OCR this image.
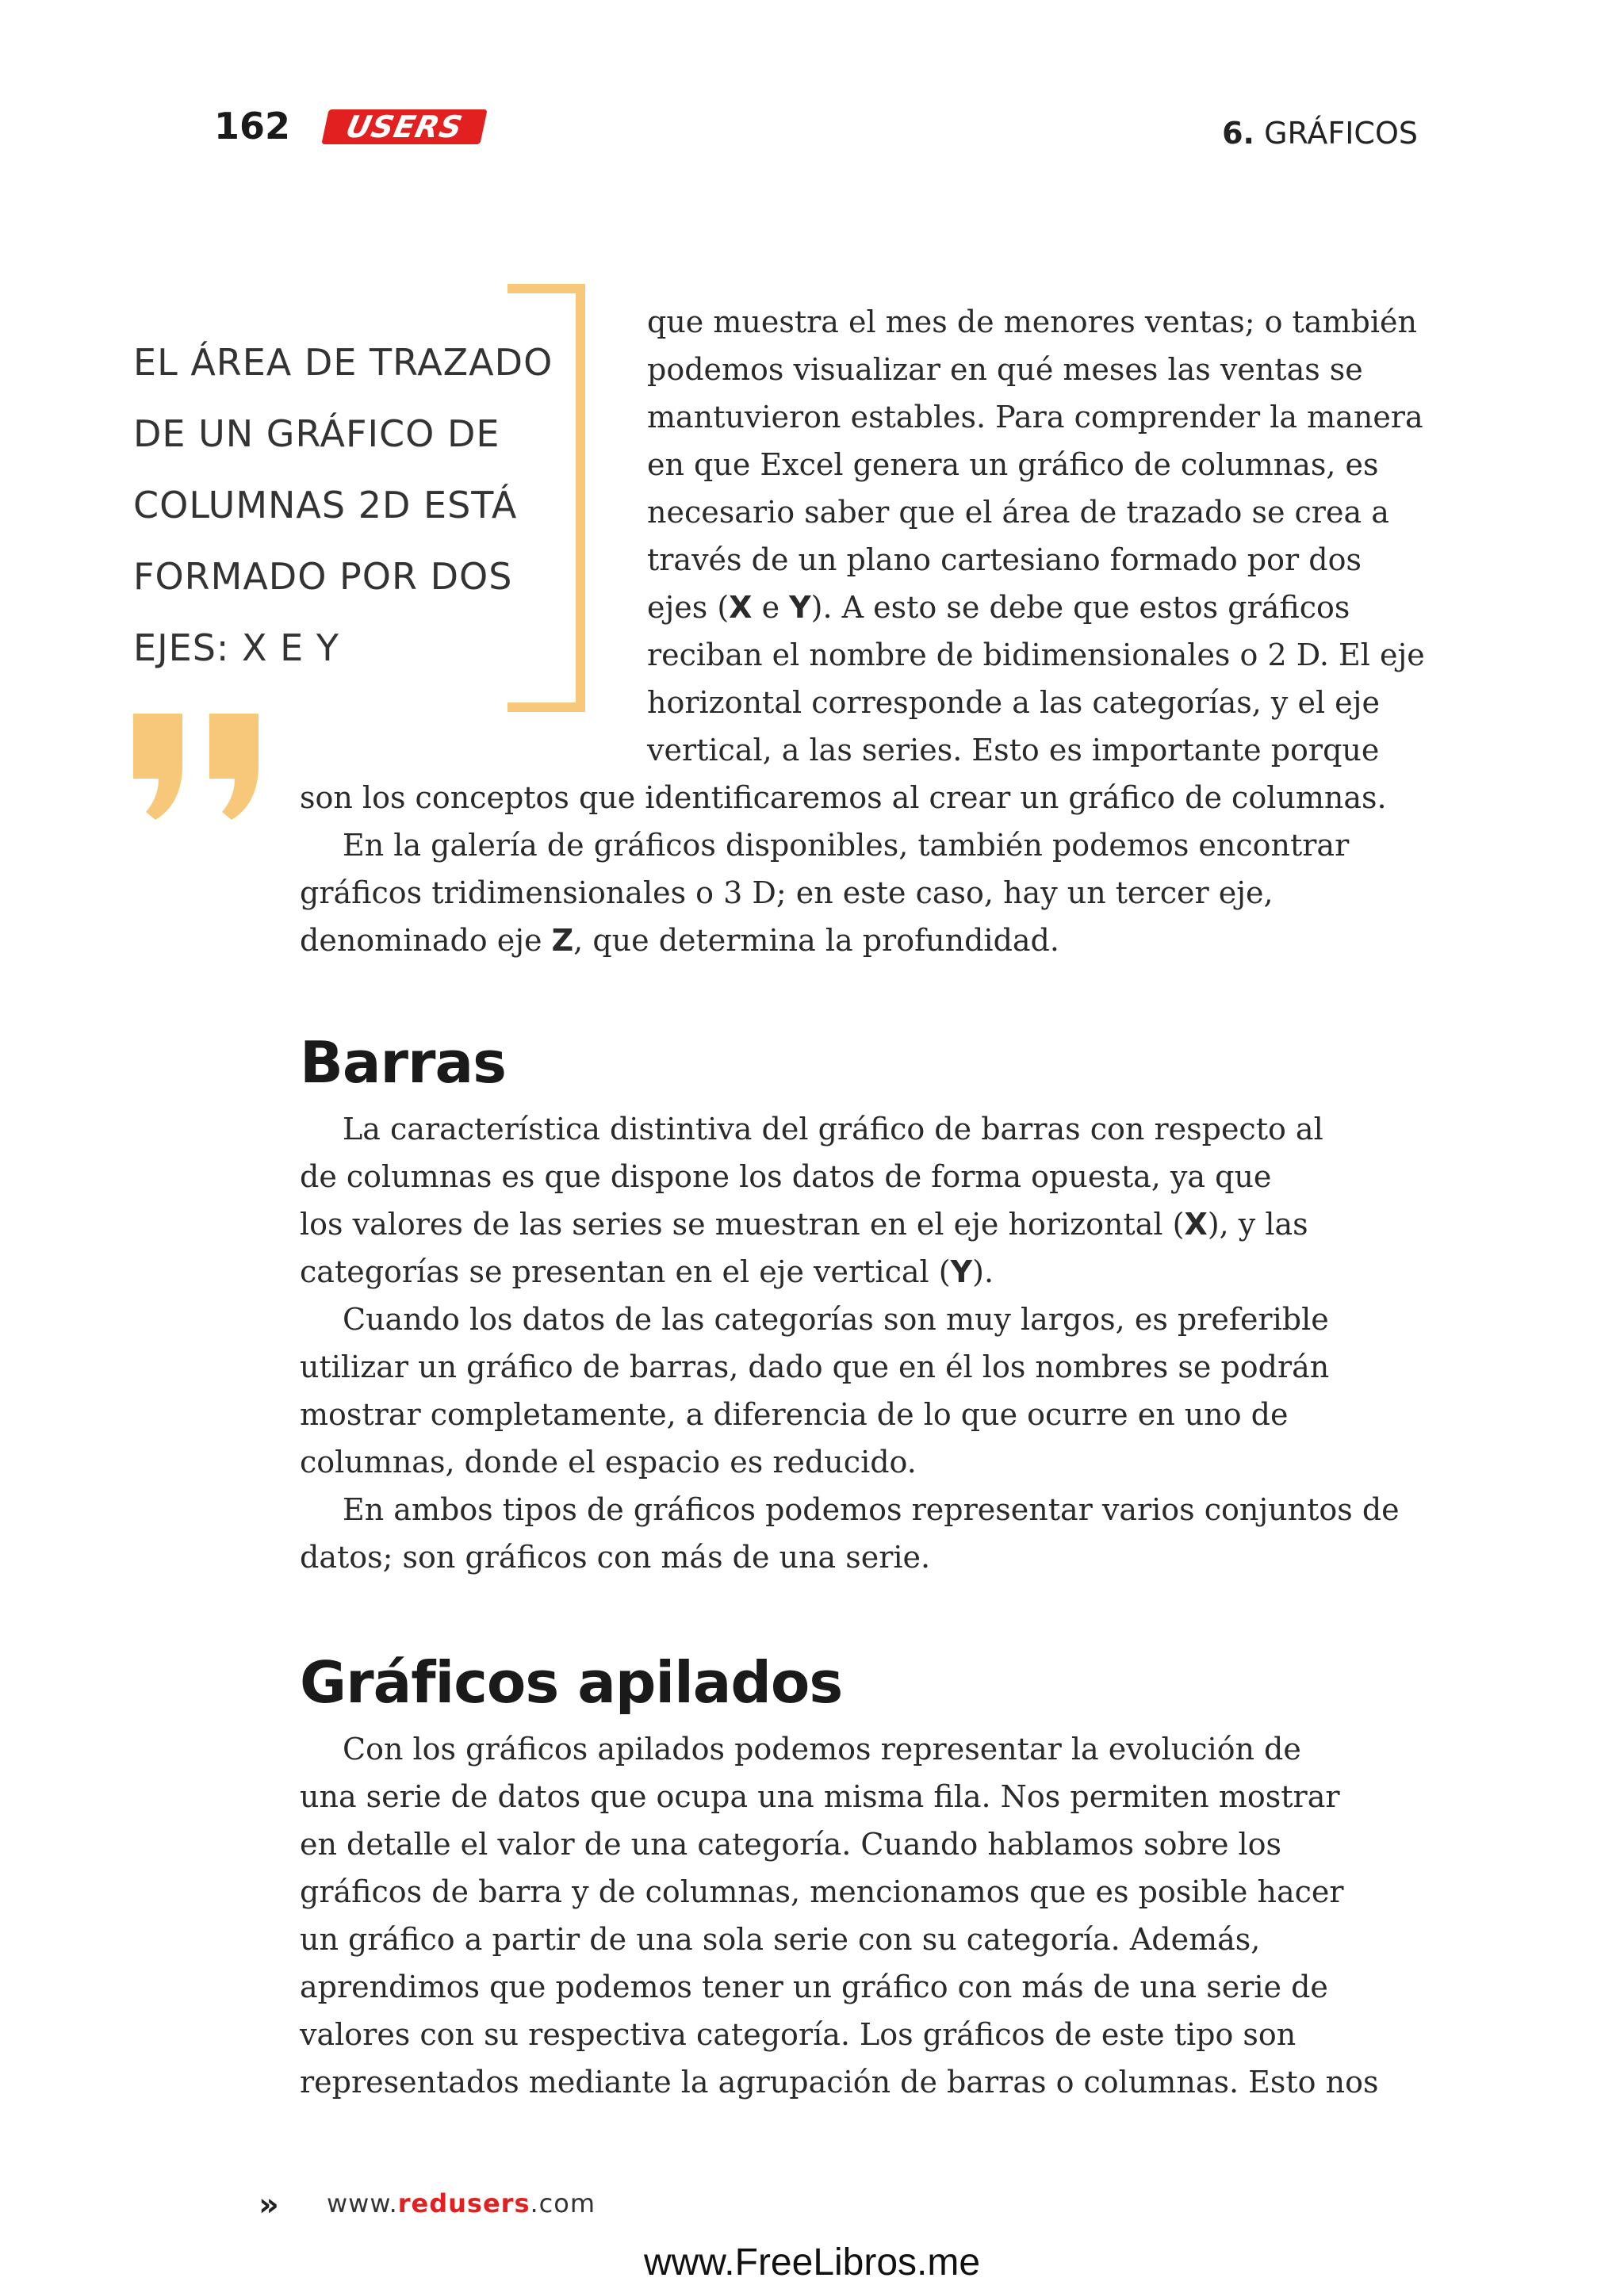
162 USERS	6. GRÁFICOS
EL ÁREA DE TRAZADO DE UN GRÁFICO DE COLUMNAS 2D ESTÁ FORMADO POR DOS EJES: X E Y
que muestra el mes de menores ventas; o también
podemos visualizar en qué meses las ventas se
mantuvieron estables. Para comprender la manera
en que Excel genera un gráfico de columnas, es
necesario saber que el área de trazado se crea a
través de un plano cartesiano formado por dos
ejes (X e Y). A esto se debe que estos gráficos
reciban el nombre de bidimensionales o 2 D. El eje
horizontal corresponde a las categorías, y el eje
vertical, a las series. Esto es importante porque
son los conceptos que identificaremos al crear un gráfico de columnas.
En la galería de gráficos disponibles, también podemos encontrar
gráficos tridimensionales o 3 D; en este caso, hay un tercer eje,
denominado eje Z, que determina la profundidad.
Barras
La característica distintiva del gráfico de barras con respecto al
de columnas es que dispone los datos de forma opuesta, ya que
los valores de las series se muestran en el eje horizontal (X), y las
categorías se presentan en el eje vertical (Y).
Cuando los datos de las categorías son muy largos, es preferible
utilizar un gráfico de barras, dado que en él los nombres se podrán
mostrar completamente, a diferencia de lo que ocurre en uno de
columnas, donde el espacio es reducido.
En ambos tipos de gráficos podemos representar varios conjuntos de
datos; son gráficos con más de una serie.
Gráficos apilados
Con los gráficos apilados podemos representar la evolución de
una serie de datos que ocupa una misma fila. Nos permiten mostrar
en detalle el valor de una categoría. Cuando hablamos sobre los
gráficos de barra y de columnas, mencionamos que es posible hacer
un gráfico a partir de una sola serie con su categoría. Además,
aprendimos que podemos tener un gráfico con más de una serie de
valores con su respectiva categoría. Los gráficos de este tipo son
representados mediante la agrupación de barras o columnas. Esto nos
» www.redusers.com
www.FreeLibros.me
